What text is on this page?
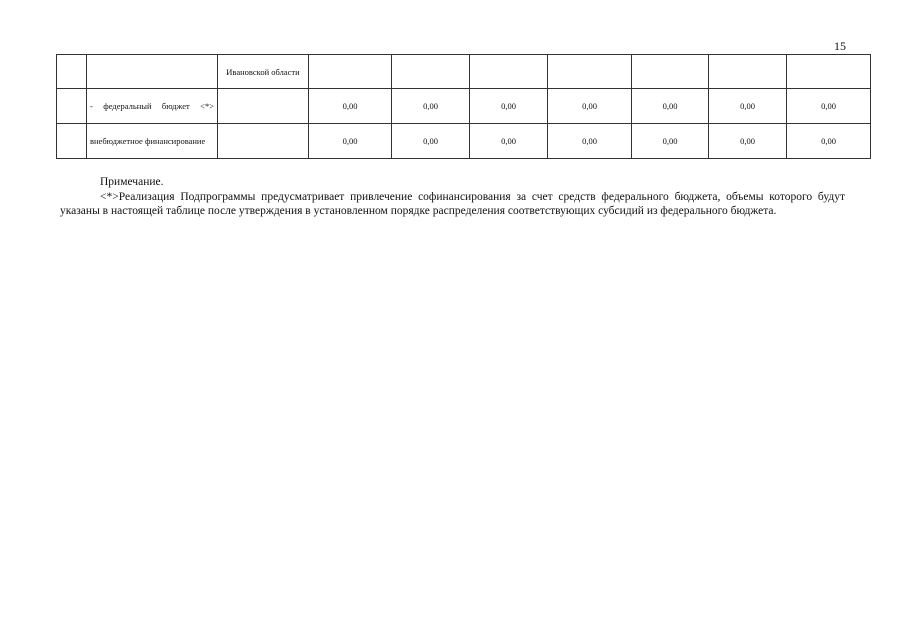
15
		Ивановской области							
	- федеральный бюджет <*>		0,00	0,00	0,00	0,00	0,00	0,00	0,00
	внебюджетное финансирование		0,00	0,00	0,00	0,00	0,00	0,00	0,00

Примечание.

<*>Реализация Подпрограммы предусматривает привлечение софинансирования за счет средств федерального бюджета, объемы которого будут указаны в настоящей таблице после утверждения в установленном порядке распределения соответствующих субсидий из федерального бюджета.
